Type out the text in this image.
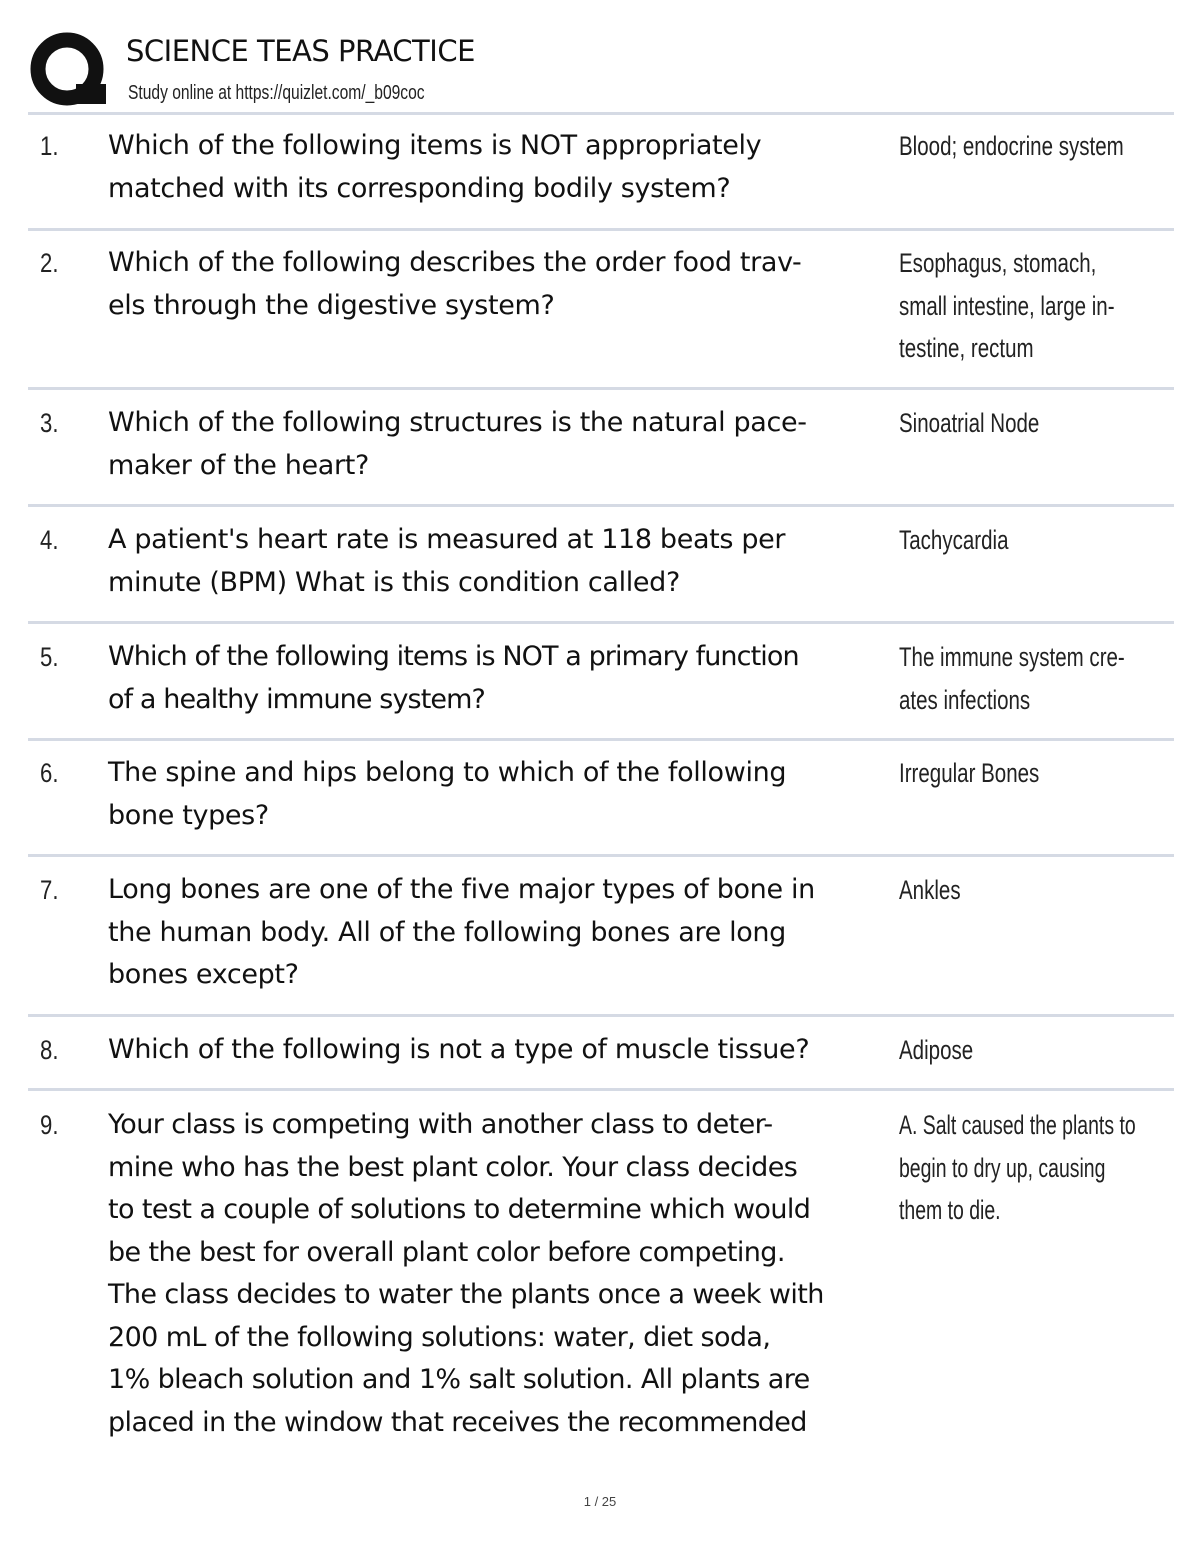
SCIENCE TEAS PRACTICE
Study online at https://quizlet.com/_b09coc
1. Which of the following items is NOT appropriately
matched with its corresponding bodily system?
Blood; endocrine system
2. Which of the following describes the order food trav-
els through the digestive system?
Esophagus, stomach,
small intestine, large in-
testine, rectum
3. Which of the following structures is the natural pace-
maker of the heart?
Sinoatrial Node
4. A patient's heart rate is measured at 118 beats per
minute (BPM) What is this condition called?
Tachycardia
5. Which of the following items is NOT a primary function
of a healthy immune system?
The immune system cre-
ates infections
6. The spine and hips belong to which of the following
bone types?
Irregular Bones
7. Long bones are one of the five major types of bone in
the human body. All of the following bones are long
bones except?
Ankles
8. Which of the following is not a type of muscle tissue?	Adipose
9. Your class is competing with another class to deter-
mine who has the best plant color. Your class decides
to test a couple of solutions to determine which would
be the best for overall plant color before competing.
The class decides to water the plants once a week with
200 mL of the following solutions: water, diet soda,
1% bleach solution and 1% salt solution. All plants are
placed in the window that receives the recommended
A. Salt caused the plants to
begin to dry up, causing
them to die.
1 / 25
